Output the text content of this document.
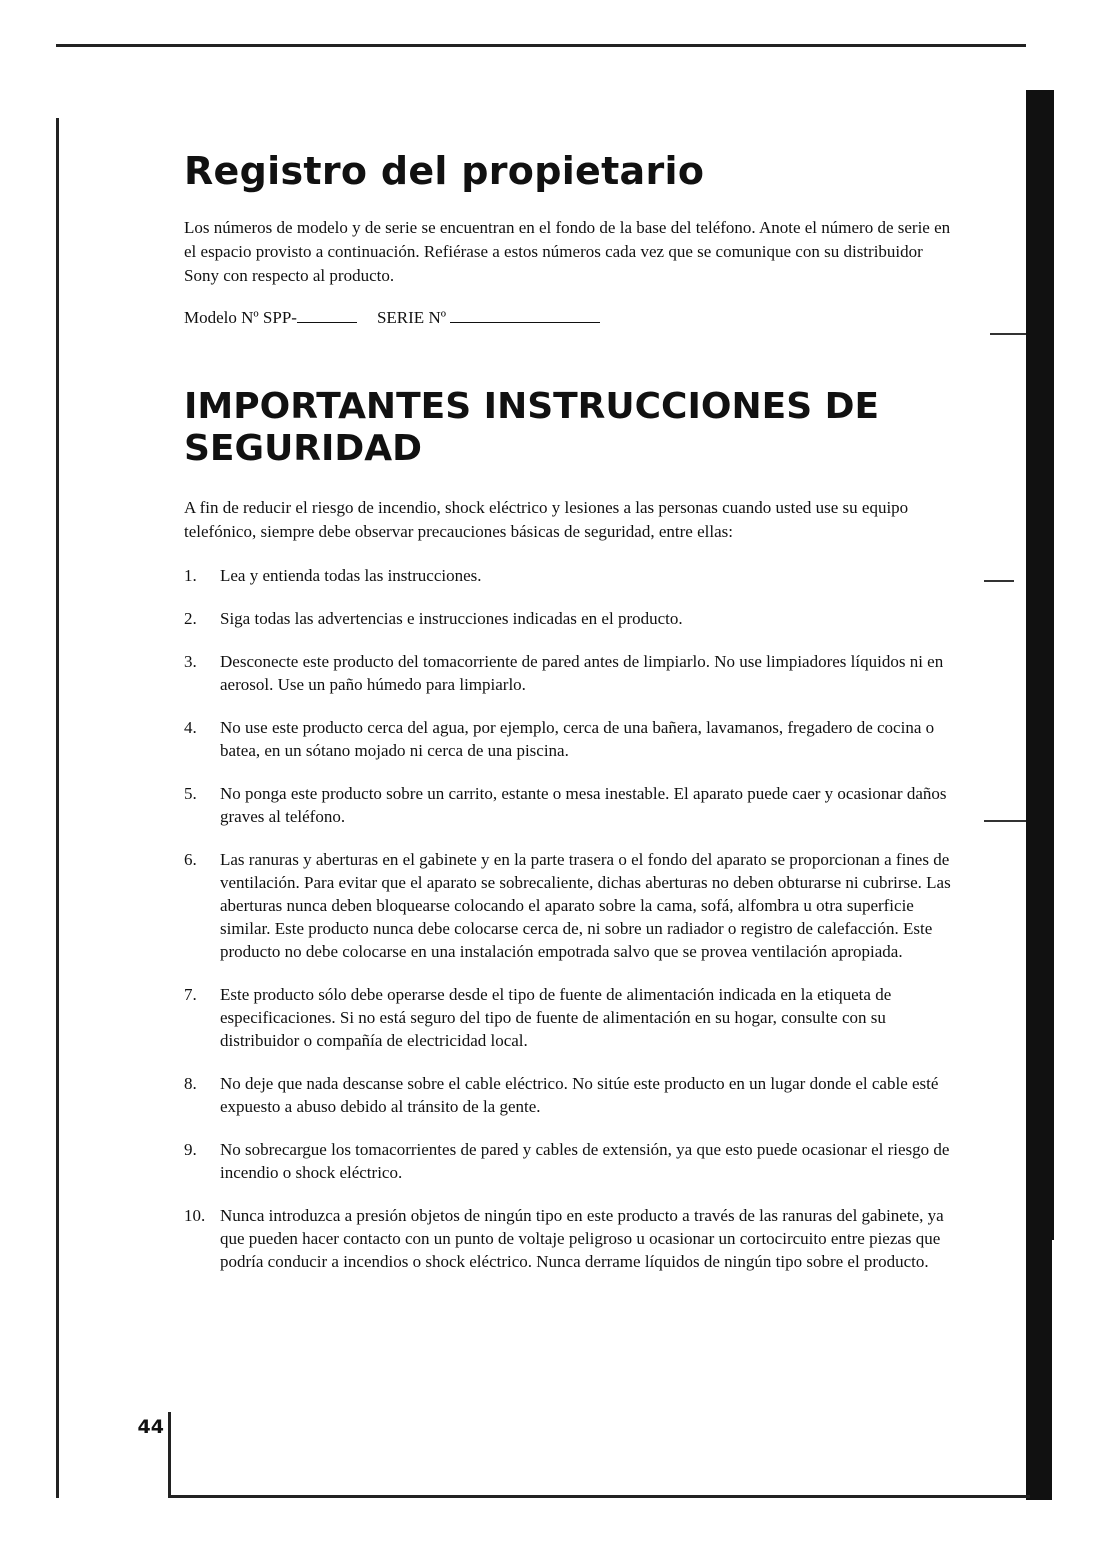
44
Registro del propietario

Los números de modelo y de serie se encuentran en el fondo de la base del teléfono. Anote el número de serie en el espacio provisto a continuación. Refiérase a estos números cada vez que se comunique con su distribuidor Sony con respecto al producto.

Modelo Nº SPP-	SERIE Nº
IMPORTANTES INSTRUCCIONES DE SEGURIDAD

A fin de reducir el riesgo de incendio, shock eléctrico y lesiones a las personas cuando usted use su equipo telefónico, siempre debe observar precauciones básicas de seguridad, entre ellas:

1.	Lea y entienda todas las instrucciones.
2.	Siga todas las advertencias e instrucciones indicadas en el producto.
3.	Desconecte este producto del tomacorriente de pared antes de limpiarlo. No use limpiadores líquidos ni en aerosol. Use un paño húmedo para limpiarlo.
4.	No use este producto cerca del agua, por ejemplo, cerca de una bañera, lavamanos, fregadero de cocina o batea, en un sótano mojado ni cerca de una piscina.
5.	No ponga este producto sobre un carrito, estante o mesa inestable. El aparato puede caer y ocasionar daños graves al teléfono.
6.	Las ranuras y aberturas en el gabinete y en la parte trasera o el fondo del aparato se proporcionan a fines de ventilación. Para evitar que el aparato se sobrecaliente, dichas aberturas no deben obturarse ni cubrirse. Las aberturas nunca deben bloquearse colocando el aparato sobre la cama, sofá, alfombra u otra superficie similar. Este producto nunca debe colocarse cerca de, ni sobre un radiador o registro de calefacción. Este producto no debe colocarse en una instalación empotrada salvo que se provea ventilación apropiada.
7.	Este producto sólo debe operarse desde el tipo de fuente de alimentación indicada en la etiqueta de especificaciones. Si no está seguro del tipo de fuente de alimentación en su hogar, consulte con su distribuidor o compañía de electricidad local.
8.	No deje que nada descanse sobre el cable eléctrico. No sitúe este producto en un lugar donde el cable esté expuesto a abuso debido al tránsito de la gente.
9.	No sobrecargue los tomacorrientes de pared y cables de extensión, ya que esto puede ocasionar el riesgo de incendio o shock eléctrico.
10. Nunca introduzca a presión objetos de ningún tipo en este producto a través de las ranuras del gabinete, ya que pueden hacer contacto con un punto de voltaje peligroso u ocasionar un cortocircuito entre piezas que podría conducir a incendios o shock eléctrico. Nunca derrame líquidos de ningún tipo sobre el producto.
